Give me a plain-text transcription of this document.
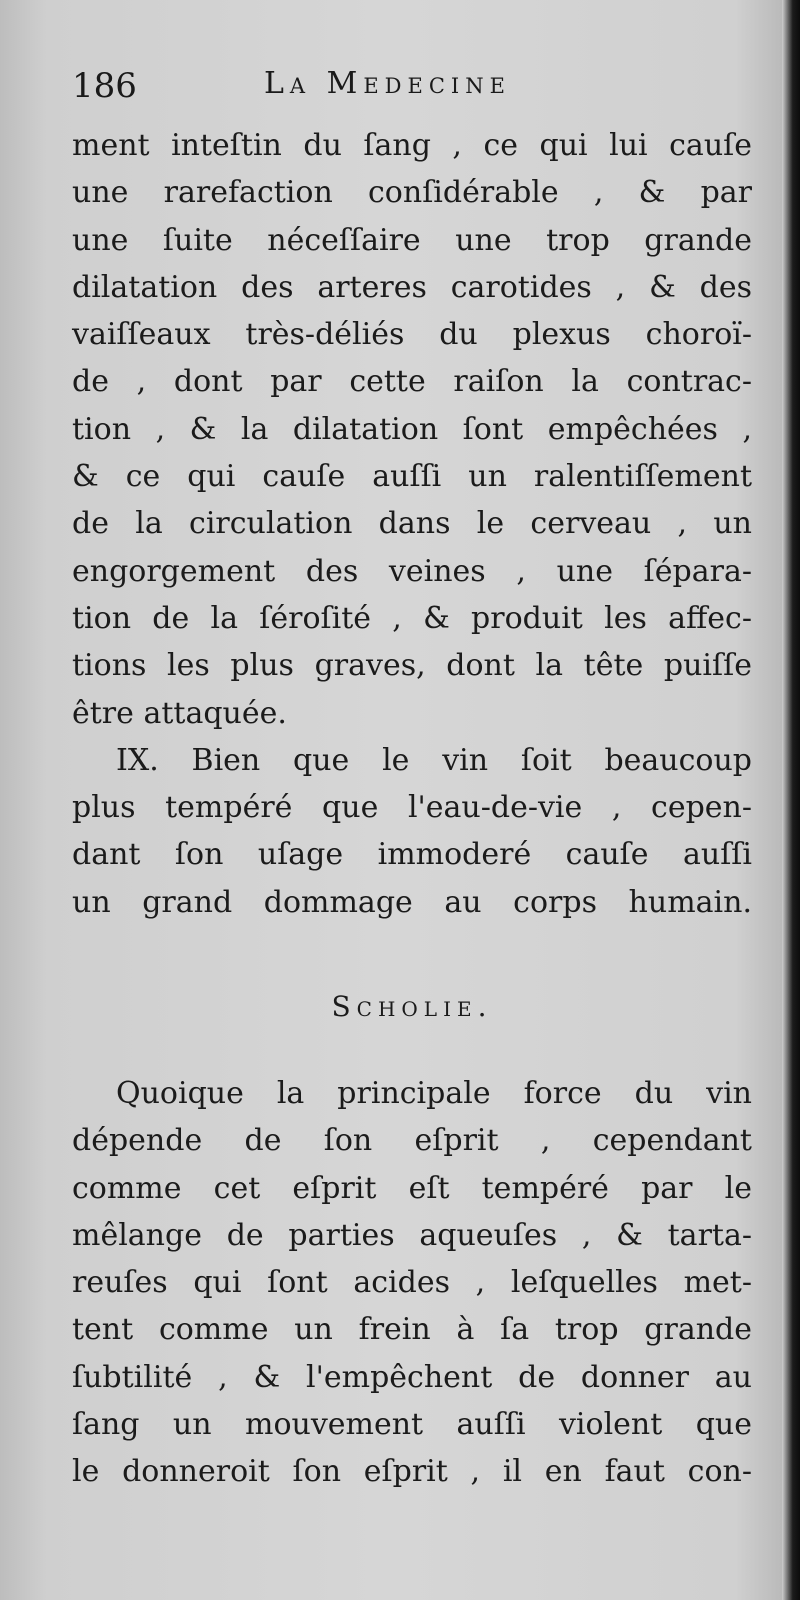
186	La Medecine
ment inteſtin du ſang , ce qui lui cauſe
une rarefaction conſidérable , & par
une ſuite néceſſaire une trop grande
dilatation des arteres carotides , & des
vaiſſeaux très-déliés du plexus choroï-
de , dont par cette raiſon la contrac-
tion , & la dilatation ſont empêchées ,
& ce qui cauſe auſſi un ralentiſſement
de la circulation dans le cerveau , un
engorgement des veines , une ſépara-
tion de la ſéroſité , & produit les affec-
tions les plus graves, dont la tête puiſſe
être attaquée.
IX. Bien que le vin ſoit beaucoup
plus tempéré que l'eau-de-vie , cepen-
dant ſon uſage immoderé cauſe auſſi
un grand dommage au corps humain.
Scholie.
Quoique la principale force du vin
dépende de ſon eſprit , cependant
comme cet eſprit eſt tempéré par le
mêlange de parties aqueuſes , & tarta-
reuſes qui ſont acides , leſquelles met-
tent comme un frein à ſa trop grande
ſubtilité , & l'empêchent de donner au
ſang un mouvement auſſi violent que
le donneroit ſon eſprit , il en faut con-
